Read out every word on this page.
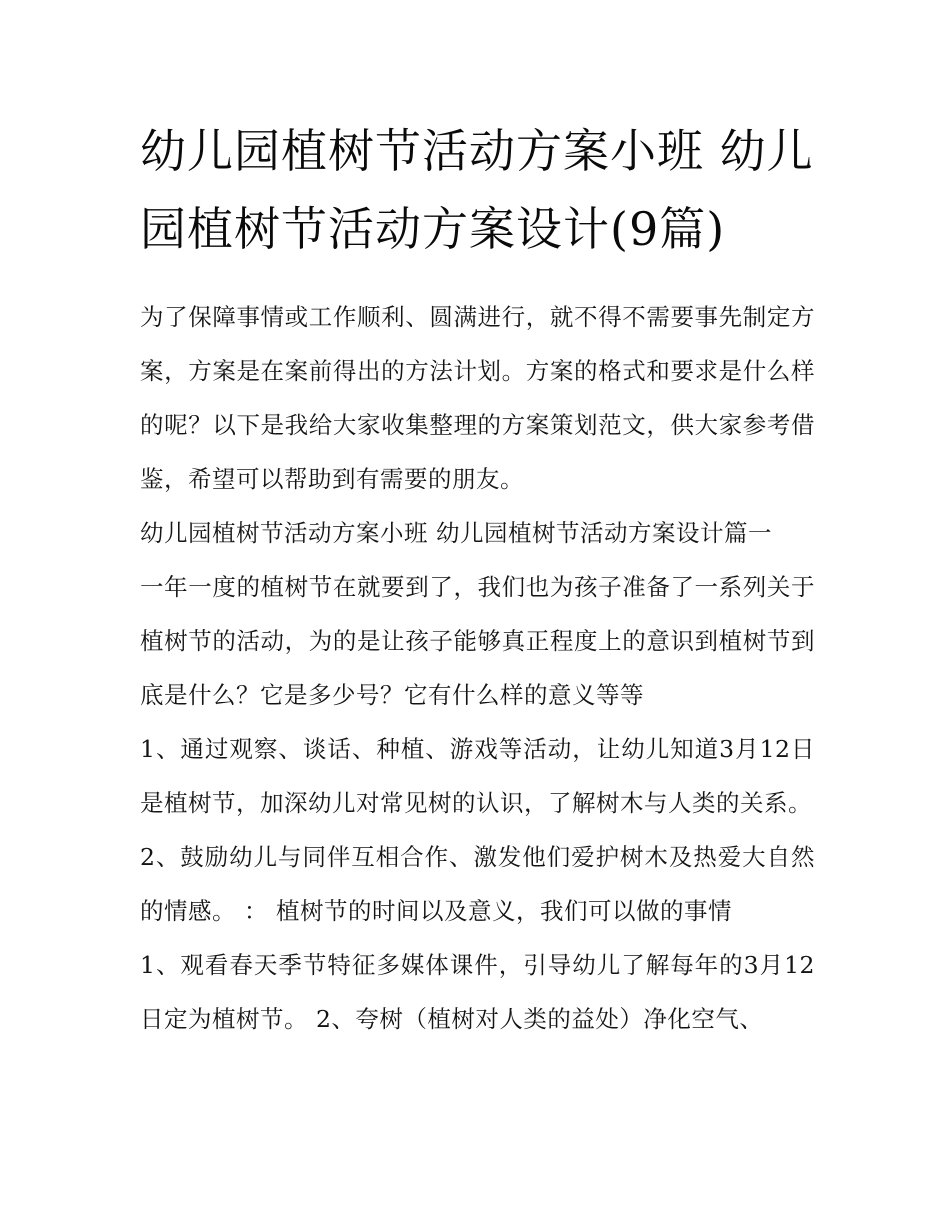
幼儿园植树节活动方案小班 幼儿园植树节活动方案设计(9篇)

为了保障事情或工作顺利、圆满进行，就不得不需要事先制定方案，方案是在案前得出的方法计划。方案的格式和要求是什么样的呢？以下是我给大家收集整理的方案策划范文，供大家参考借鉴，希望可以帮助到有需要的朋友。

幼儿园植树节活动方案小班 幼儿园植树节活动方案设计篇一

一年一度的植树节在就要到了，我们也为孩子准备了一系列关于植树节的活动，为的是让孩子能够真正程度上的意识到植树节到底是什么？它是多少号？它有什么样的意义等等

1、通过观察、谈话、种植、游戏等活动，让幼儿知道3月12日是植树节，加深幼儿对常见树的认识，了解树木与人类的关系。

2、鼓励幼儿与同伴互相合作、激发他们爱护树木及热爱大自然的情感。 ： 植树节的时间以及意义，我们可以做的事情

1、观看春天季节特征多媒体课件，引导幼儿了解每年的3月12日定为植树节。 2、夸树（植树对人类的益处）净化空气、
